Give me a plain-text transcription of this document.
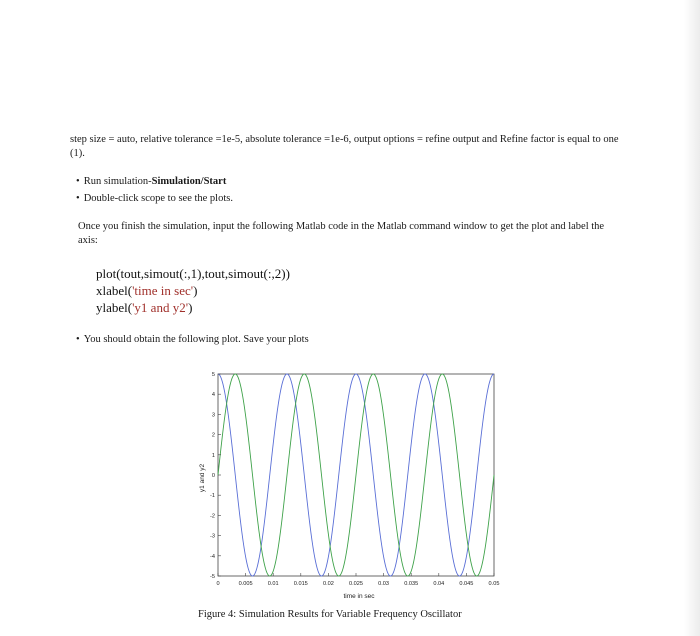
step size = auto, relative tolerance =1e-5, absolute tolerance =1e-6, output options = refine output and Refine factor is equal to one (1).

• Run simulation-Simulation/Start
• Double-click scope to see the plots.

Once you finish the simulation, input the following Matlab code in the Matlab command window to get the plot and label the axis:

plot(tout,simout(:,1),tout,simout(:,2))
xlabel('time in sec')
ylabel('y1 and y2')
• You should obtain the following plot. Save your plots
0	0.005	0.01	0.015	0.02	0.025	0.03	0.035	0.04	0.045	0.05
-5
-4
-3
-2
-1
0
1
2
3
4
5
time in sec
y1 and y2
Figure 4: Simulation Results for Variable Frequency Oscillator
